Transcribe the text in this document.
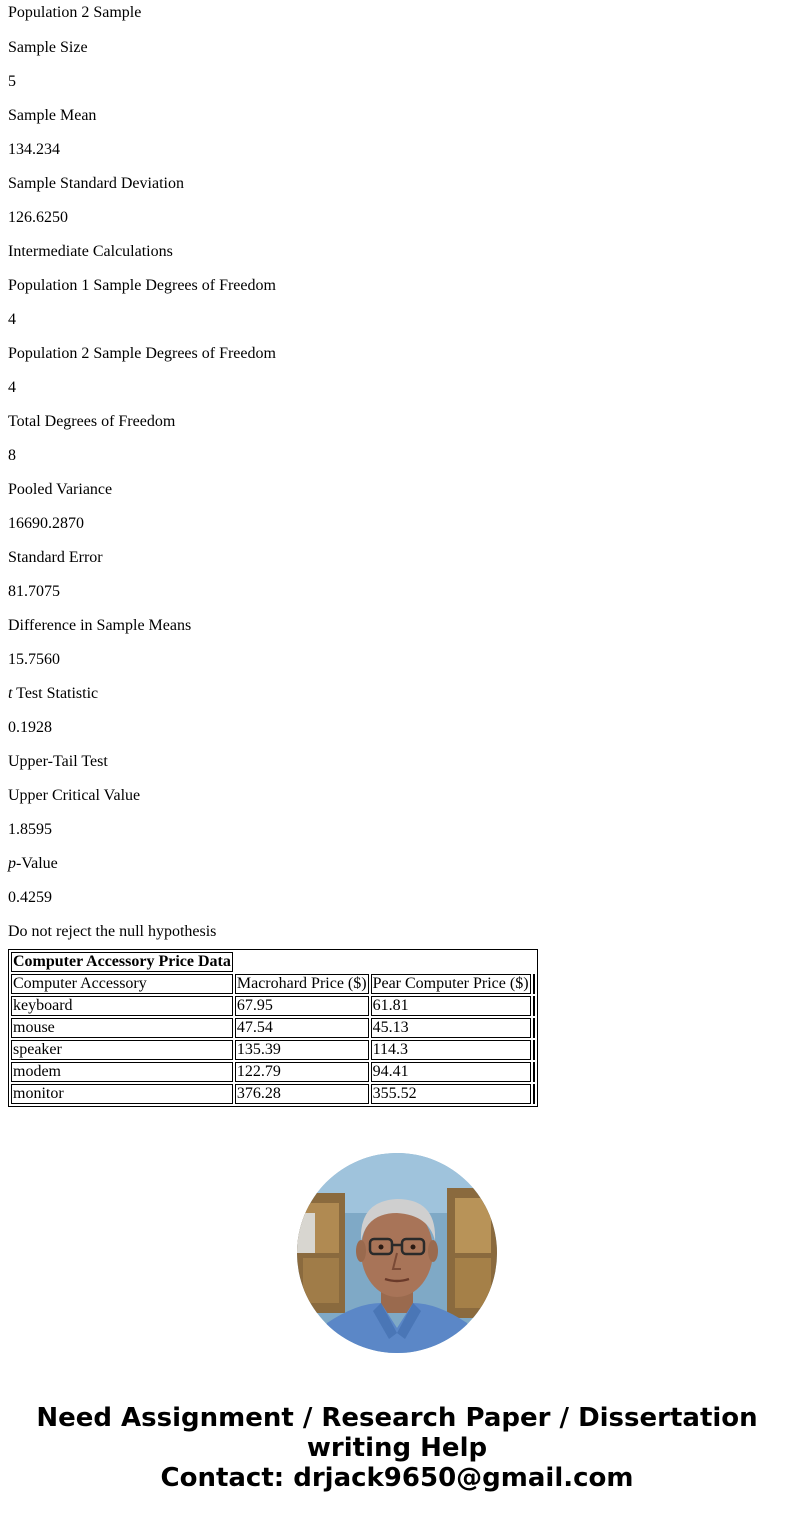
Population 2 Sample

Sample Size

5

Sample Mean

134.234

Sample Standard Deviation

126.6250

Intermediate Calculations

Population 1 Sample Degrees of Freedom

4

Population 2 Sample Degrees of Freedom

4

Total Degrees of Freedom

8

Pooled Variance

16690.2870

Standard Error

81.7075

Difference in Sample Means

15.7560

t Test Statistic

0.1928

Upper-Tail Test

Upper Critical Value

1.8595

p-Value

0.4259

Do not reject the null hypothesis

Computer Accessory Price Data			
Computer Accessory	Macrohard Price ($)	Pear Computer Price ($)	
keyboard	67.95	61.81	
mouse	47.54	45.13	
speaker	135.39	114.3	
modem	122.79	94.41	
monitor	376.28	355.52	
Need Assignment / Research Paper / Dissertation
writing Help
Contact: drjack9650@gmail.com
